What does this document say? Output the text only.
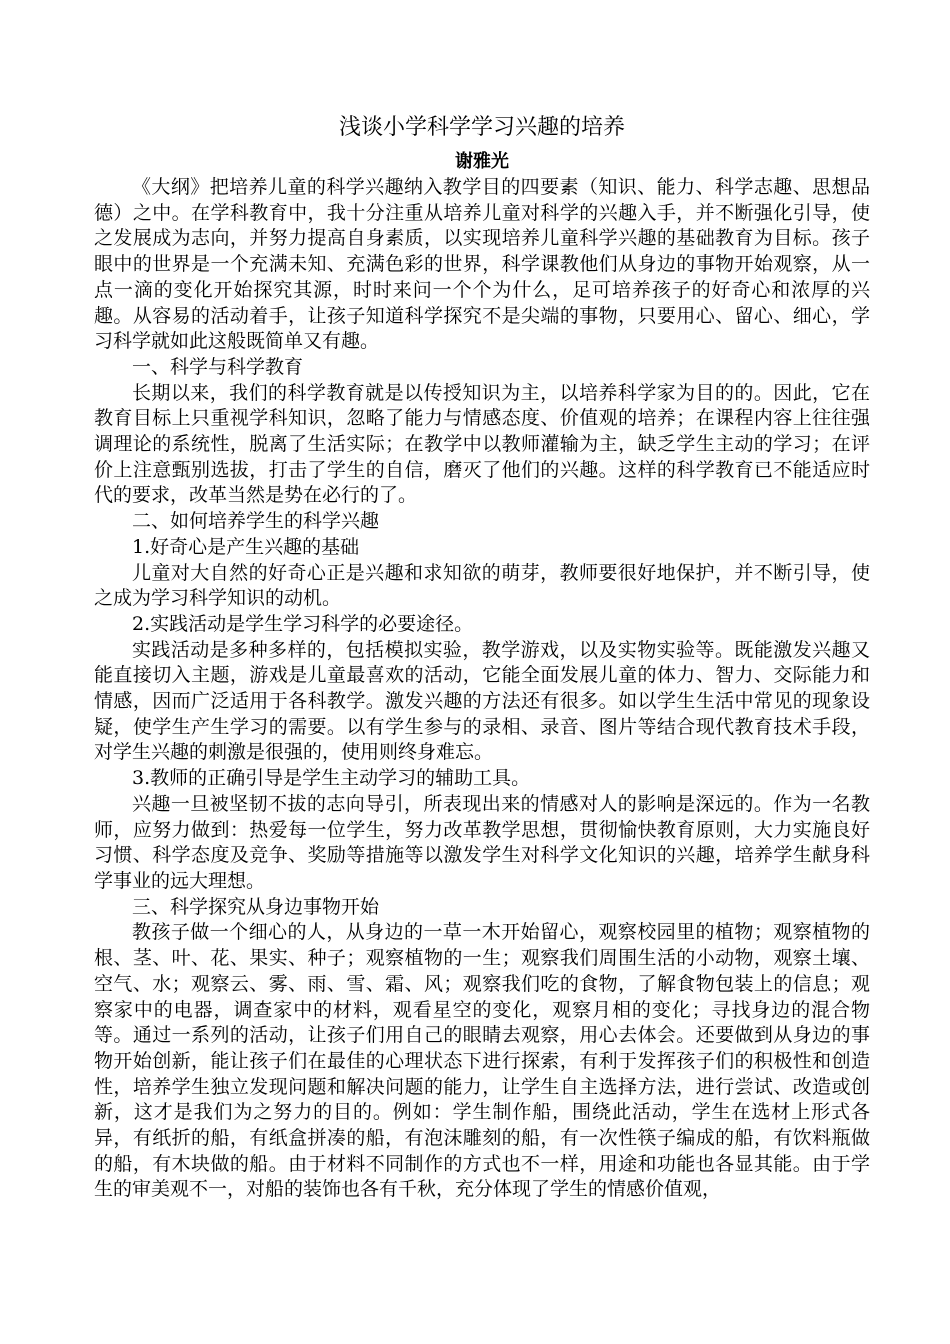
浅谈小学科学学习兴趣的培养
谢雅光

《大纲》把培养儿童的科学兴趣纳入教学目的四要素（知识、能力、科学志趣、思想品德）之中。在学科教育中，我十分注重从培养儿童对科学的兴趣入手，并不断强化引导，使之发展成为志向，并努力提高自身素质，以实现培养儿童科学兴趣的基础教育为目标。孩子眼中的世界是一个充满未知、充满色彩的世界，科学课教他们从身边的事物开始观察，从一点一滴的变化开始探究其源，时时来问一个个为什么，足可培养孩子的好奇心和浓厚的兴趣。从容易的活动着手，让孩子知道科学探究不是尖端的事物，只要用心、留心、细心，学习科学就如此这般既简单又有趣。

一、科学与科学教育

长期以来，我们的科学教育就是以传授知识为主，以培养科学家为目的的。因此，它在教育目标上只重视学科知识，忽略了能力与情感态度、价值观的培养；在课程内容上往往强调理论的系统性，脱离了生活实际；在教学中以教师灌输为主，缺乏学生主动的学习；在评价上注意甄别选拔，打击了学生的自信，磨灭了他们的兴趣。这样的科学教育已不能适应时代的要求，改革当然是势在必行的了。

二、如何培养学生的科学兴趣

1.好奇心是产生兴趣的基础

儿童对大自然的好奇心正是兴趣和求知欲的萌芽，教师要很好地保护，并不断引导，使之成为学习科学知识的动机。

2.实践活动是学生学习科学的必要途径。

实践活动是多种多样的，包括模拟实验，教学游戏，以及实物实验等。既能激发兴趣又能直接切入主题，游戏是儿童最喜欢的活动，它能全面发展儿童的体力、智力、交际能力和情感，因而广泛适用于各科教学。激发兴趣的方法还有很多。如以学生生活中常见的现象设疑，使学生产生学习的需要。以有学生参与的录相、录音、图片等结合现代教育技术手段，对学生兴趣的刺激是很强的，使用则终身难忘。

3.教师的正确引导是学生主动学习的辅助工具。

兴趣一旦被坚韧不拔的志向导引，所表现出来的情感对人的影响是深远的。作为一名教师，应努力做到：热爱每一位学生，努力改革教学思想，贯彻愉快教育原则，大力实施良好习惯、科学态度及竞争、奖励等措施等以激发学生对科学文化知识的兴趣，培养学生献身科学事业的远大理想。

三、科学探究从身边事物开始

教孩子做一个细心的人，从身边的一草一木开始留心，观察校园里的植物；观察植物的根、茎、叶、花、果实、种子；观察植物的一生；观察我们周围生活的小动物，观察土壤、空气、水；观察云、雾、雨、雪、霜、风；观察我们吃的食物，了解食物包装上的信息；观察家中的电器，调查家中的材料，观看星空的变化，观察月相的变化；寻找身边的混合物等。通过一系列的活动，让孩子们用自己的眼睛去观察，用心去体会。还要做到从身边的事物开始创新，能让孩子们在最佳的心理状态下进行探索，有利于发挥孩子们的积极性和创造性，培养学生独立发现问题和解决问题的能力，让学生自主选择方法，进行尝试、改造或创新，这才是我们为之努力的目的。例如：学生制作船，围绕此活动，学生在选材上形式各异，有纸折的船，有纸盒拼凑的船，有泡沫雕刻的船，有一次性筷子编成的船，有饮料瓶做的船，有木块做的船。由于材料不同制作的方式也不一样，用途和功能也各显其能。由于学生的审美观不一，对船的装饰也各有千秋，充分体现了学生的情感价值观，
